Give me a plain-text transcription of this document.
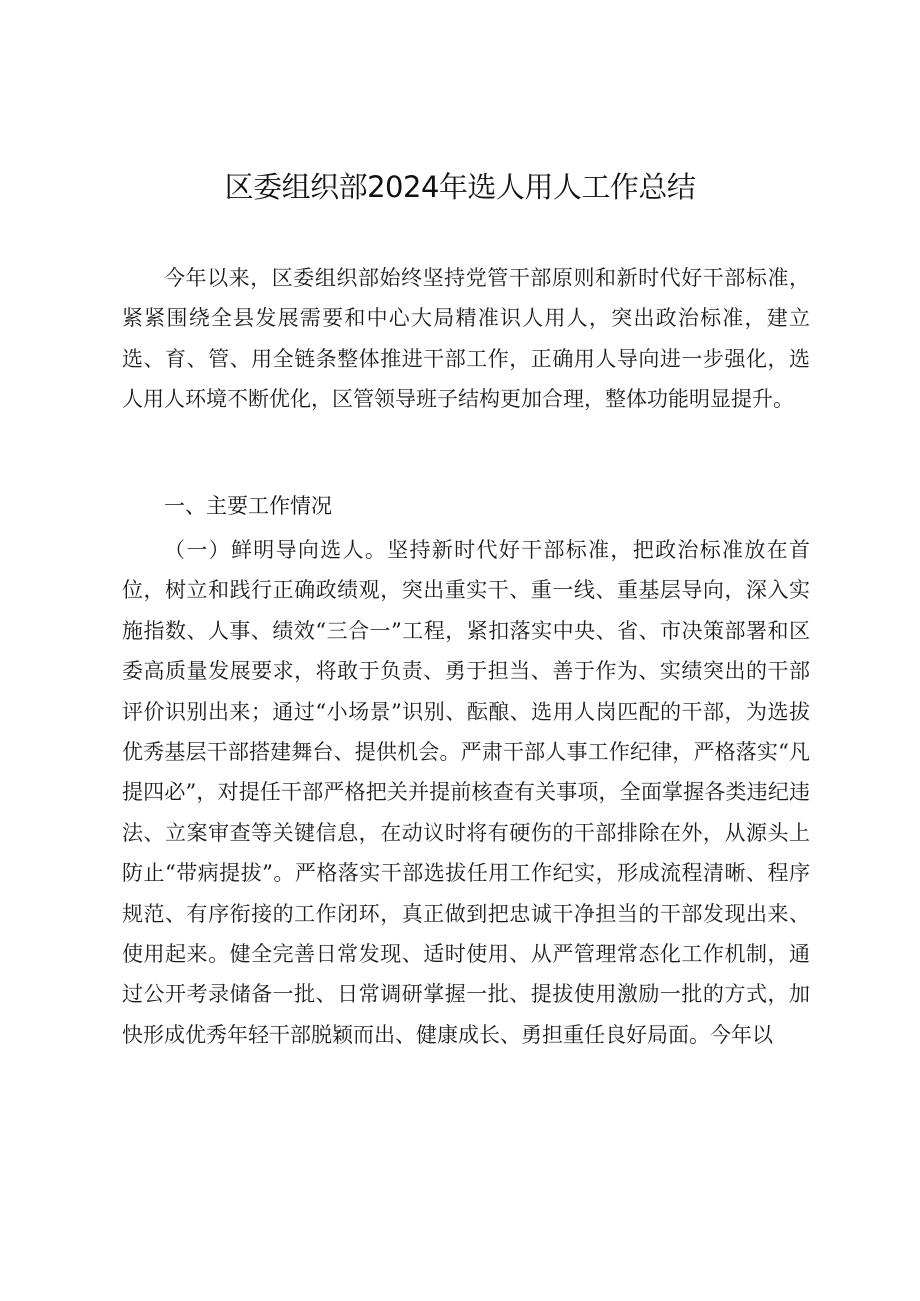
区委组织部2024年选人用人工作总结

今年以来，区委组织部始终坚持党管干部原则和新时代好干部标准，紧紧围绕全县发展需要和中心大局精准识人用人，突出政治标准，建立选、育、管、用全链条整体推进干部工作，正确用人导向进一步强化，选人用人环境不断优化，区管领导班子结构更加合理，整体功能明显提升。

一、主要工作情况

（一）鲜明导向选人。坚持新时代好干部标准，把政治标准放在首位，树立和践行正确政绩观，突出重实干、重一线、重基层导向，深入实施指数、人事、绩效“三合一”工程，紧扣落实中央、省、市决策部署和区委高质量发展要求，将敢于负责、勇于担当、善于作为、实绩突出的干部评价识别出来；通过“小场景”识别、酝酿、选用人岗匹配的干部，为选拔优秀基层干部搭建舞台、提供机会。严肃干部人事工作纪律，严格落实“凡提四必”，对提任干部严格把关并提前核查有关事项，全面掌握各类违纪违法、立案审查等关键信息，在动议时将有硬伤的干部排除在外，从源头上防止“带病提拔”。严格落实干部选拔任用工作纪实，形成流程清晰、程序规范、有序衔接的工作闭环，真正做到把忠诚干净担当的干部发现出来、使用起来。健全完善日常发现、适时使用、从严管理常态化工作机制，通过公开考录储备一批、日常调研掌握一批、提拔使用激励一批的方式，加快形成优秀年轻干部脱颖而出、健康成长、勇担重任良好局面。今年以
